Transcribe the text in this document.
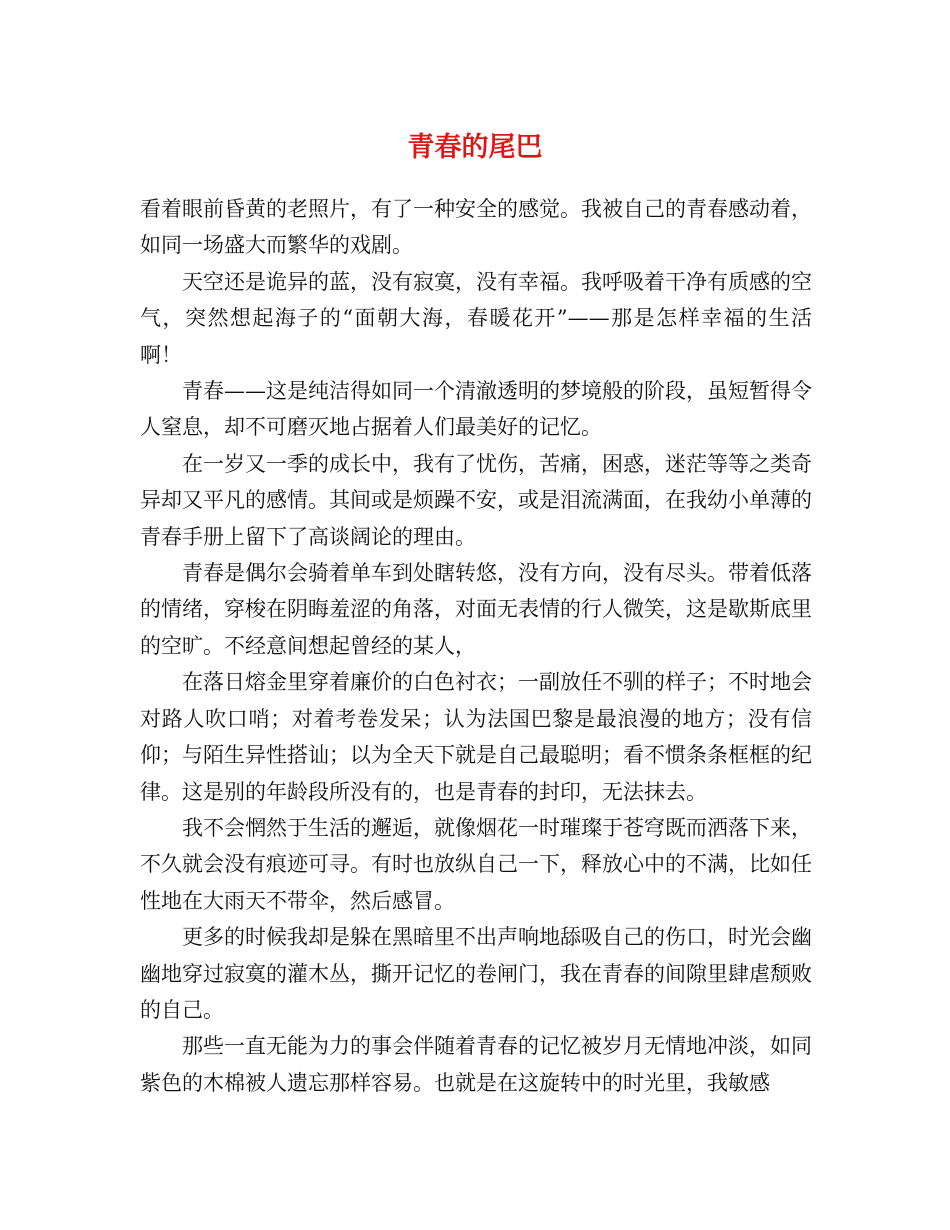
青春的尾巴

看着眼前昏黄的老照片，有了一种安全的感觉。我被自己的青春感动着，如同一场盛大而繁华的戏剧。

天空还是诡异的蓝，没有寂寞，没有幸福。我呼吸着干净有质感的空气，突然想起海子的“面朝大海，春暖花开”——那是怎样幸福的生活啊！

青春——这是纯洁得如同一个清澈透明的梦境般的阶段，虽短暂得令人窒息，却不可磨灭地占据着人们最美好的记忆。

在一岁又一季的成长中，我有了忧伤，苦痛，困惑，迷茫等等之类奇异却又平凡的感情。其间或是烦躁不安，或是泪流满面，在我幼小单薄的青春手册上留下了高谈阔论的理由。

青春是偶尔会骑着单车到处瞎转悠，没有方向，没有尽头。带着低落的情绪，穿梭在阴晦羞涩的角落，对面无表情的行人微笑，这是歇斯底里的空旷。不经意间想起曾经的某人，

在落日熔金里穿着廉价的白色衬衣；一副放任不驯的样子；不时地会对路人吹口哨；对着考卷发呆；认为法国巴黎是最浪漫的地方；没有信仰；与陌生异性搭讪；以为全天下就是自己最聪明；看不惯条条框框的纪律。这是别的年龄段所没有的，也是青春的封印，无法抹去。

我不会惘然于生活的邂逅，就像烟花一时璀璨于苍穹既而洒落下来，不久就会没有痕迹可寻。有时也放纵自己一下，释放心中的不满，比如任性地在大雨天不带伞，然后感冒。

更多的时候我却是躲在黑暗里不出声响地舔吸自己的伤口，时光会幽幽地穿过寂寞的灌木丛，撕开记忆的卷闸门，我在青春的间隙里肆虐颓败的自己。

那些一直无能为力的事会伴随着青春的记忆被岁月无情地冲淡，如同紫色的木棉被人遗忘那样容易。也就是在这旋转中的时光里，我敏感
